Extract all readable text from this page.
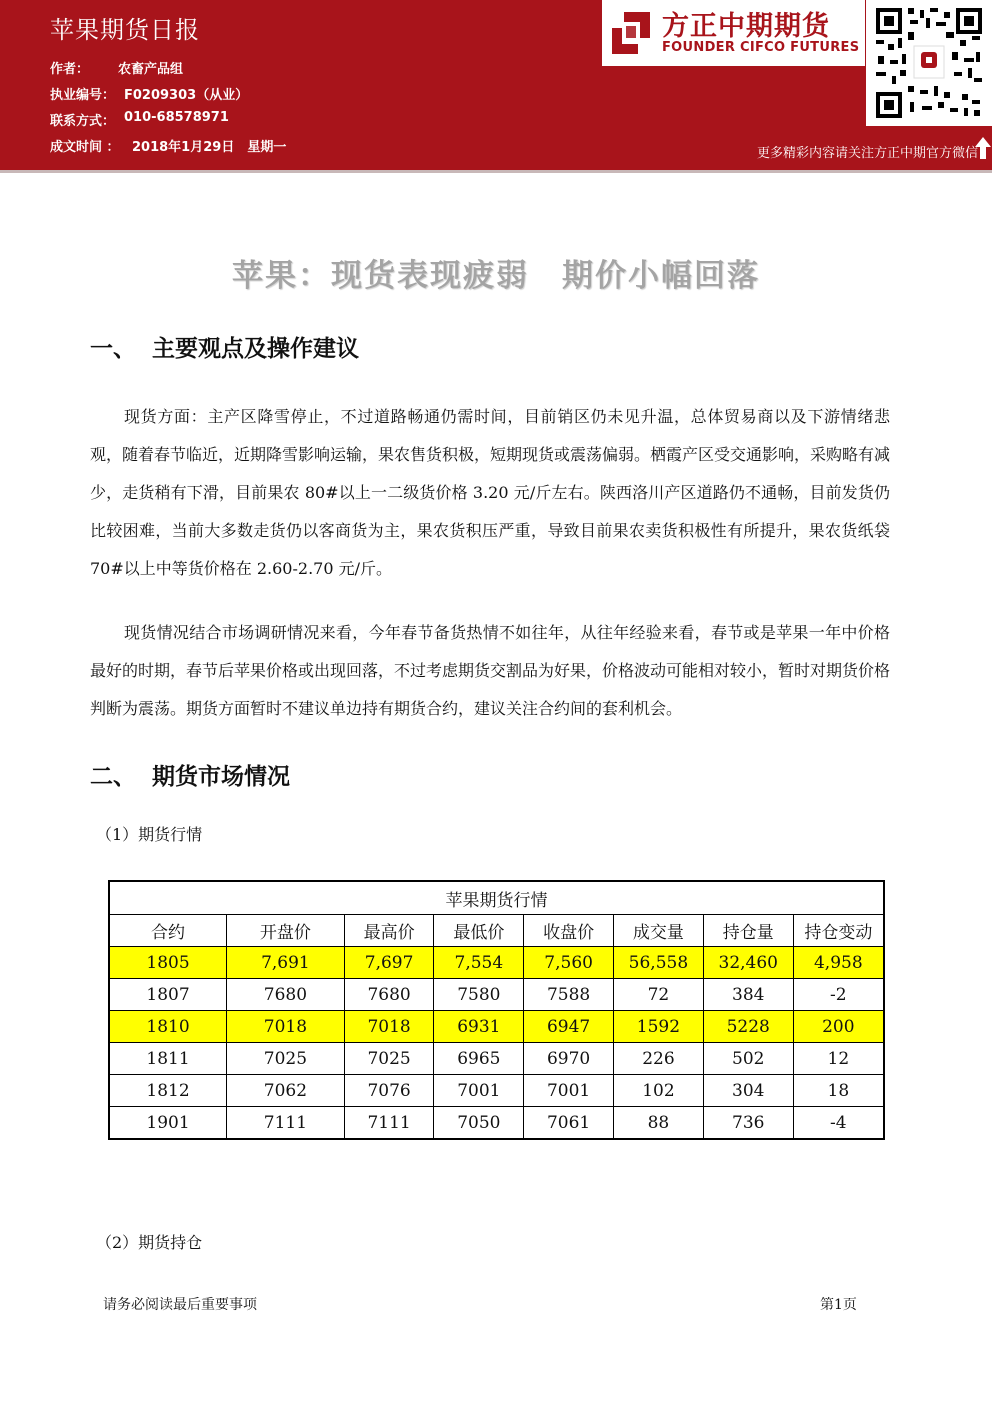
苹果期货日报
作者： 农畜产品组
执业编号： F0209303（从业）
联系方式： 010-68578971
成文时间 ： 2018年1月29日　星期一
方正中期期货
FOUNDER CIFCO FUTURES
更多精彩内容请关注方正中期官方微信
苹果：现货表现疲弱　期价小幅回落
一、 主要观点及操作建议
现货方面：主产区降雪停止，不过道路畅通仍需时间，目前销区仍未见升温，总体贸易商以及下游情绪悲观，随着春节临近，近期降雪影响运输，果农售货积极，短期现货或震荡偏弱。栖霞产区受交通影响，采购略有减少，走货稍有下滑，目前果农 80#以上一二级货价格 3.20 元/斤左右。陕西洛川产区道路仍不通畅，目前发货仍比较困难，当前大多数走货仍以客商货为主，果农货积压严重，导致目前果农卖货积极性有所提升，果农货纸袋 70#以上中等货价格在 2.60-2.70 元/斤。
现货情况结合市场调研情况来看，今年春节备货热情不如往年，从往年经验来看，春节或是苹果一年中价格最好的时期，春节后苹果价格或出现回落，不过考虑期货交割品为好果，价格波动可能相对较小，暂时对期货价格判断为震荡。期货方面暂时不建议单边持有期货合约，建议关注合约间的套利机会。
二、 期货市场情况
（1）期货行情
苹果期货行情							
合约	开盘价	最高价	最低价	收盘价	成交量	持仓量	持仓变动
1805	7,691	7,697	7,554	7,560	56,558	32,460	4,958
1807	7680	7680	7580	7588	72	384	-2
1810	7018	7018	6931	6947	1592	5228	200
1811	7025	7025	6965	6970	226	502	12
1812	7062	7076	7001	7001	102	304	18
1901	7111	7111	7050	7061	88	736	-4
（2）期货持仓
请务必阅读最后重要事项	第1页
